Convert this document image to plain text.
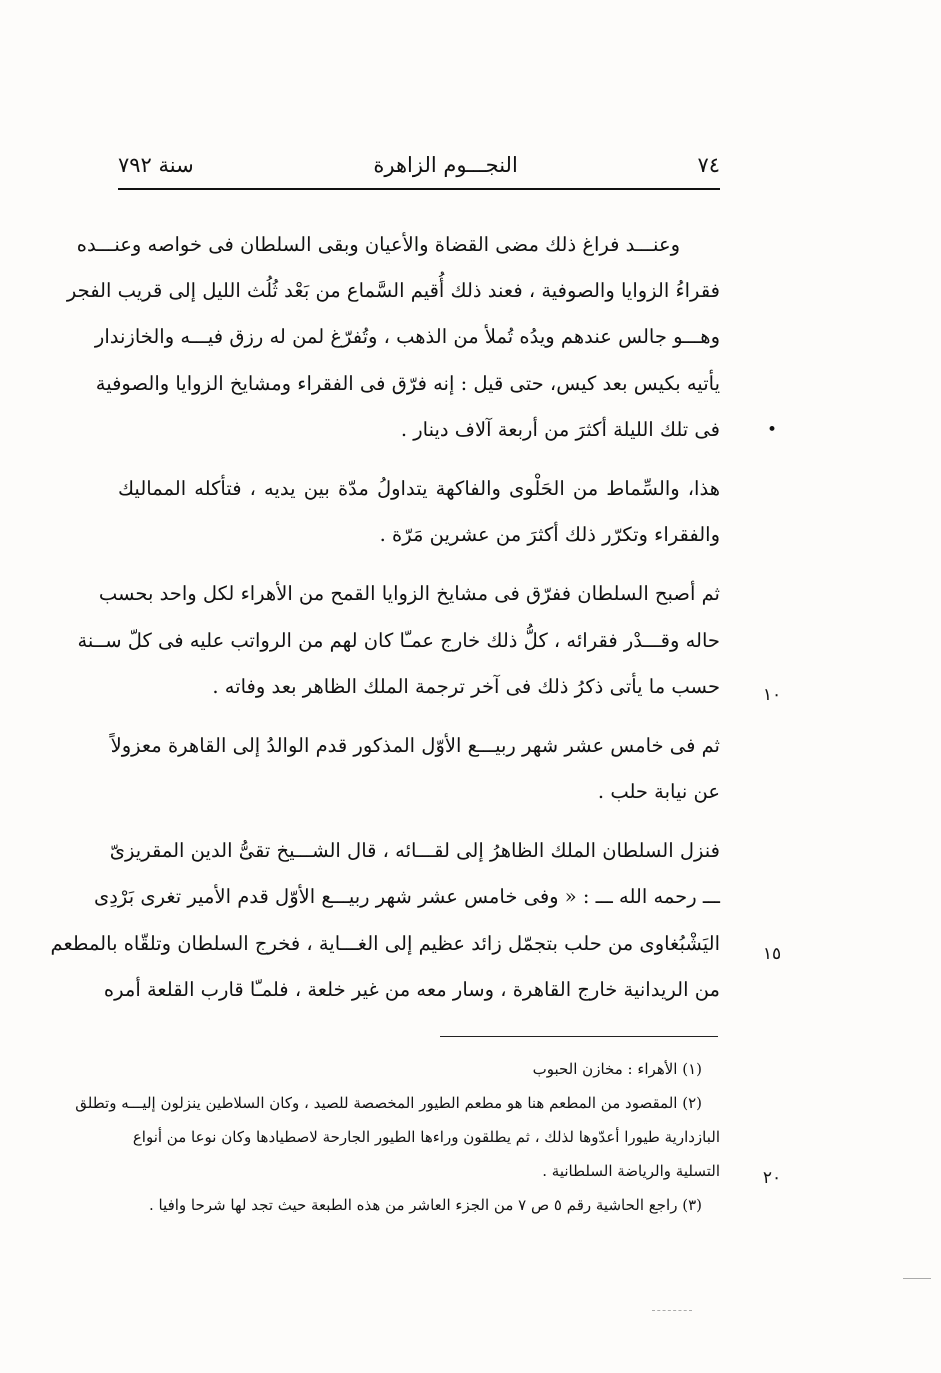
سنة ٧٩٢	النجـــوم الزاهرة	٧٤
وعنـــد فراغ ذلك مضى القضاة والأعيان وبقى السلطان فى خواصه وعنـــده
فقراءُ الزوايا والصوفية ، فعند ذلك أُقيم السَّماع من بَعْد ثُلُث الليل إلى قريب الفجر
وهـــو جالس عندهم ويدُه تُملأ من الذهب ، وتُفرّغ لمن له رزق فيـــه والخازندار
يأتيه بكيس بعد كيس، حتى قيل : إنه فرّق فى الفقراء ومشايخ الزوايا والصوفية
فى تلك الليلة أكثرَ من أربعة آلاف دينار .
هذا، والسِّماط من الحَلْوى والفاكهة يتداولُ مدّة بين يديه ، فتأكله المماليك
والفقراء وتكرّر ذلك أكثرَ من عشرين مَرّة .
ثم أصبح السلطان ففرّق فى مشايخ الزوايا القمح من الأهراء لكل واحد بحسب
حاله وقـــدْر فقرائه ، كلُّ ذلك خارج عمـّا كان لهم من الرواتب عليه فى كلّ ســنة
حسب ما يأتى ذكرُ ذلك فى آخر ترجمة الملك الظاهر بعد وفاته .
ثم فى خامس عشر شهر ربيـــع الأوّل المذكور قدم الوالدُ إلى القاهرة معزولاً
عن نيابة حلب .
فنزل السلطان الملك الظاهرُ إلى لقـــائه ، قال الشـــيخ تقىُّ الدين المقريزىّ
ـــ رحمه الله ـــ : « وفى خامس عشر شهر ربيـــع الأوّل قدم الأمير تغرى بَرْدِى
اليَشْبُغاوى من حلب بتجمّل زائد عظيم إلى الغـــاية ، فخرج السلطان وتلقّاه بالمطعم
من الريدانية خارج القاهرة ، وسار معه من غير خلعة ، فلمـّا قارب القلعة أمره
•
١٠
١٥
٢٠
(١) الأهراء : مخازن الحبوب
(٢) المقصود من المطعم هنا هو مطعم الطيور المخصصة للصيد ، وكان السلاطين ينزلون إليـــه وتطلق
البازدارية طيورا أعدّوها لذلك ، ثم يطلقون وراءها الطيور الجارحة لاصطيادها وكان نوعا من أنواع
التسلية والرياضة السلطانية .
(٣) راجع الحاشية رقم ٥ ص ٧ من الجزء العاشر من هذه الطبعة حيث تجد لها شرحا وافيا .
